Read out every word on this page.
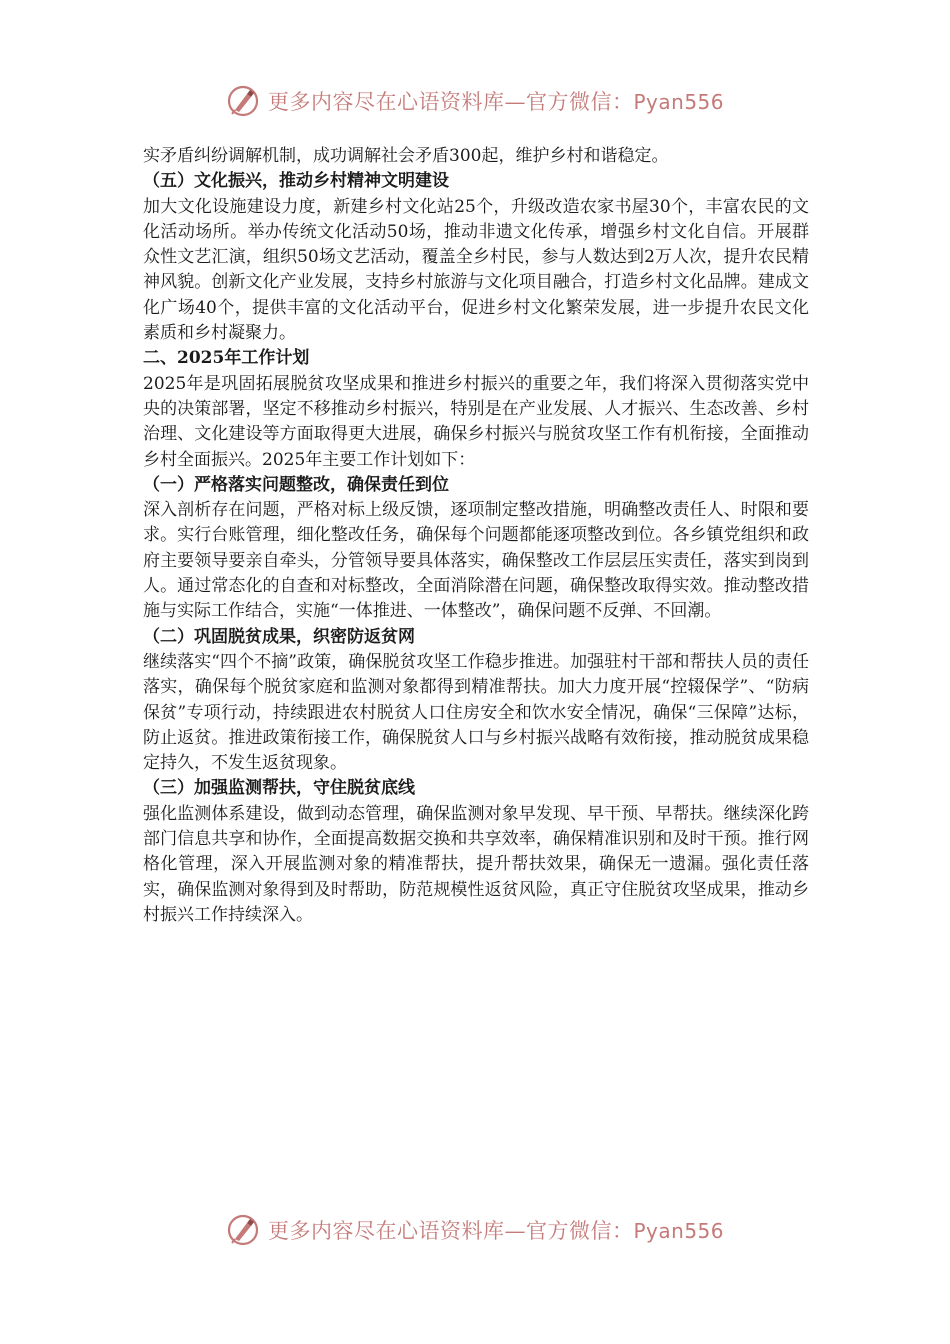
更多内容尽在心语资料库—官方微信：Pyan556

实矛盾纠纷调解机制，成功调解社会矛盾300起，维护乡村和谐稳定。

（五）文化振兴，推动乡村精神文明建设

加大文化设施建设力度，新建乡村文化站25个，升级改造农家书屋30个，丰富农民的文化活动场所。举办传统文化活动50场，推动非遗文化传承，增强乡村文化自信。开展群众性文艺汇演，组织50场文艺活动，覆盖全乡村民，参与人数达到2万人次，提升农民精神风貌。创新文化产业发展，支持乡村旅游与文化项目融合，打造乡村文化品牌。建成文化广场40个，提供丰富的文化活动平台，促进乡村文化繁荣发展，进一步提升农民文化素质和乡村凝聚力。

二、2025年工作计划

2025年是巩固拓展脱贫攻坚成果和推进乡村振兴的重要之年，我们将深入贯彻落实党中央的决策部署，坚定不移推动乡村振兴，特别是在产业发展、人才振兴、生态改善、乡村治理、文化建设等方面取得更大进展，确保乡村振兴与脱贫攻坚工作有机衔接，全面推动乡村全面振兴。2025年主要工作计划如下：

（一）严格落实问题整改，确保责任到位

深入剖析存在问题，严格对标上级反馈，逐项制定整改措施，明确整改责任人、时限和要求。实行台账管理，细化整改任务，确保每个问题都能逐项整改到位。各乡镇党组织和政府主要领导要亲自牵头，分管领导要具体落实，确保整改工作层层压实责任，落实到岗到人。通过常态化的自查和对标整改，全面消除潜在问题，确保整改取得实效。推动整改措施与实际工作结合，实施“一体推进、一体整改”，确保问题不反弹、不回潮。

（二）巩固脱贫成果，织密防返贫网

继续落实“四个不摘”政策，确保脱贫攻坚工作稳步推进。加强驻村干部和帮扶人员的责任落实，确保每个脱贫家庭和监测对象都得到精准帮扶。加大力度开展“控辍保学”、“防病保贫”专项行动，持续跟进农村脱贫人口住房安全和饮水安全情况，确保“三保障”达标，防止返贫。推进政策衔接工作，确保脱贫人口与乡村振兴战略有效衔接，推动脱贫成果稳定持久，不发生返贫现象。

（三）加强监测帮扶，守住脱贫底线

强化监测体系建设，做到动态管理，确保监测对象早发现、早干预、早帮扶。继续深化跨部门信息共享和协作，全面提高数据交换和共享效率，确保精准识别和及时干预。推行网格化管理，深入开展监测对象的精准帮扶，提升帮扶效果，确保无一遗漏。强化责任落实，确保监测对象得到及时帮助，防范规模性返贫风险，真正守住脱贫攻坚成果，推动乡村振兴工作持续深入。

更多内容尽在心语资料库—官方微信：Pyan556
